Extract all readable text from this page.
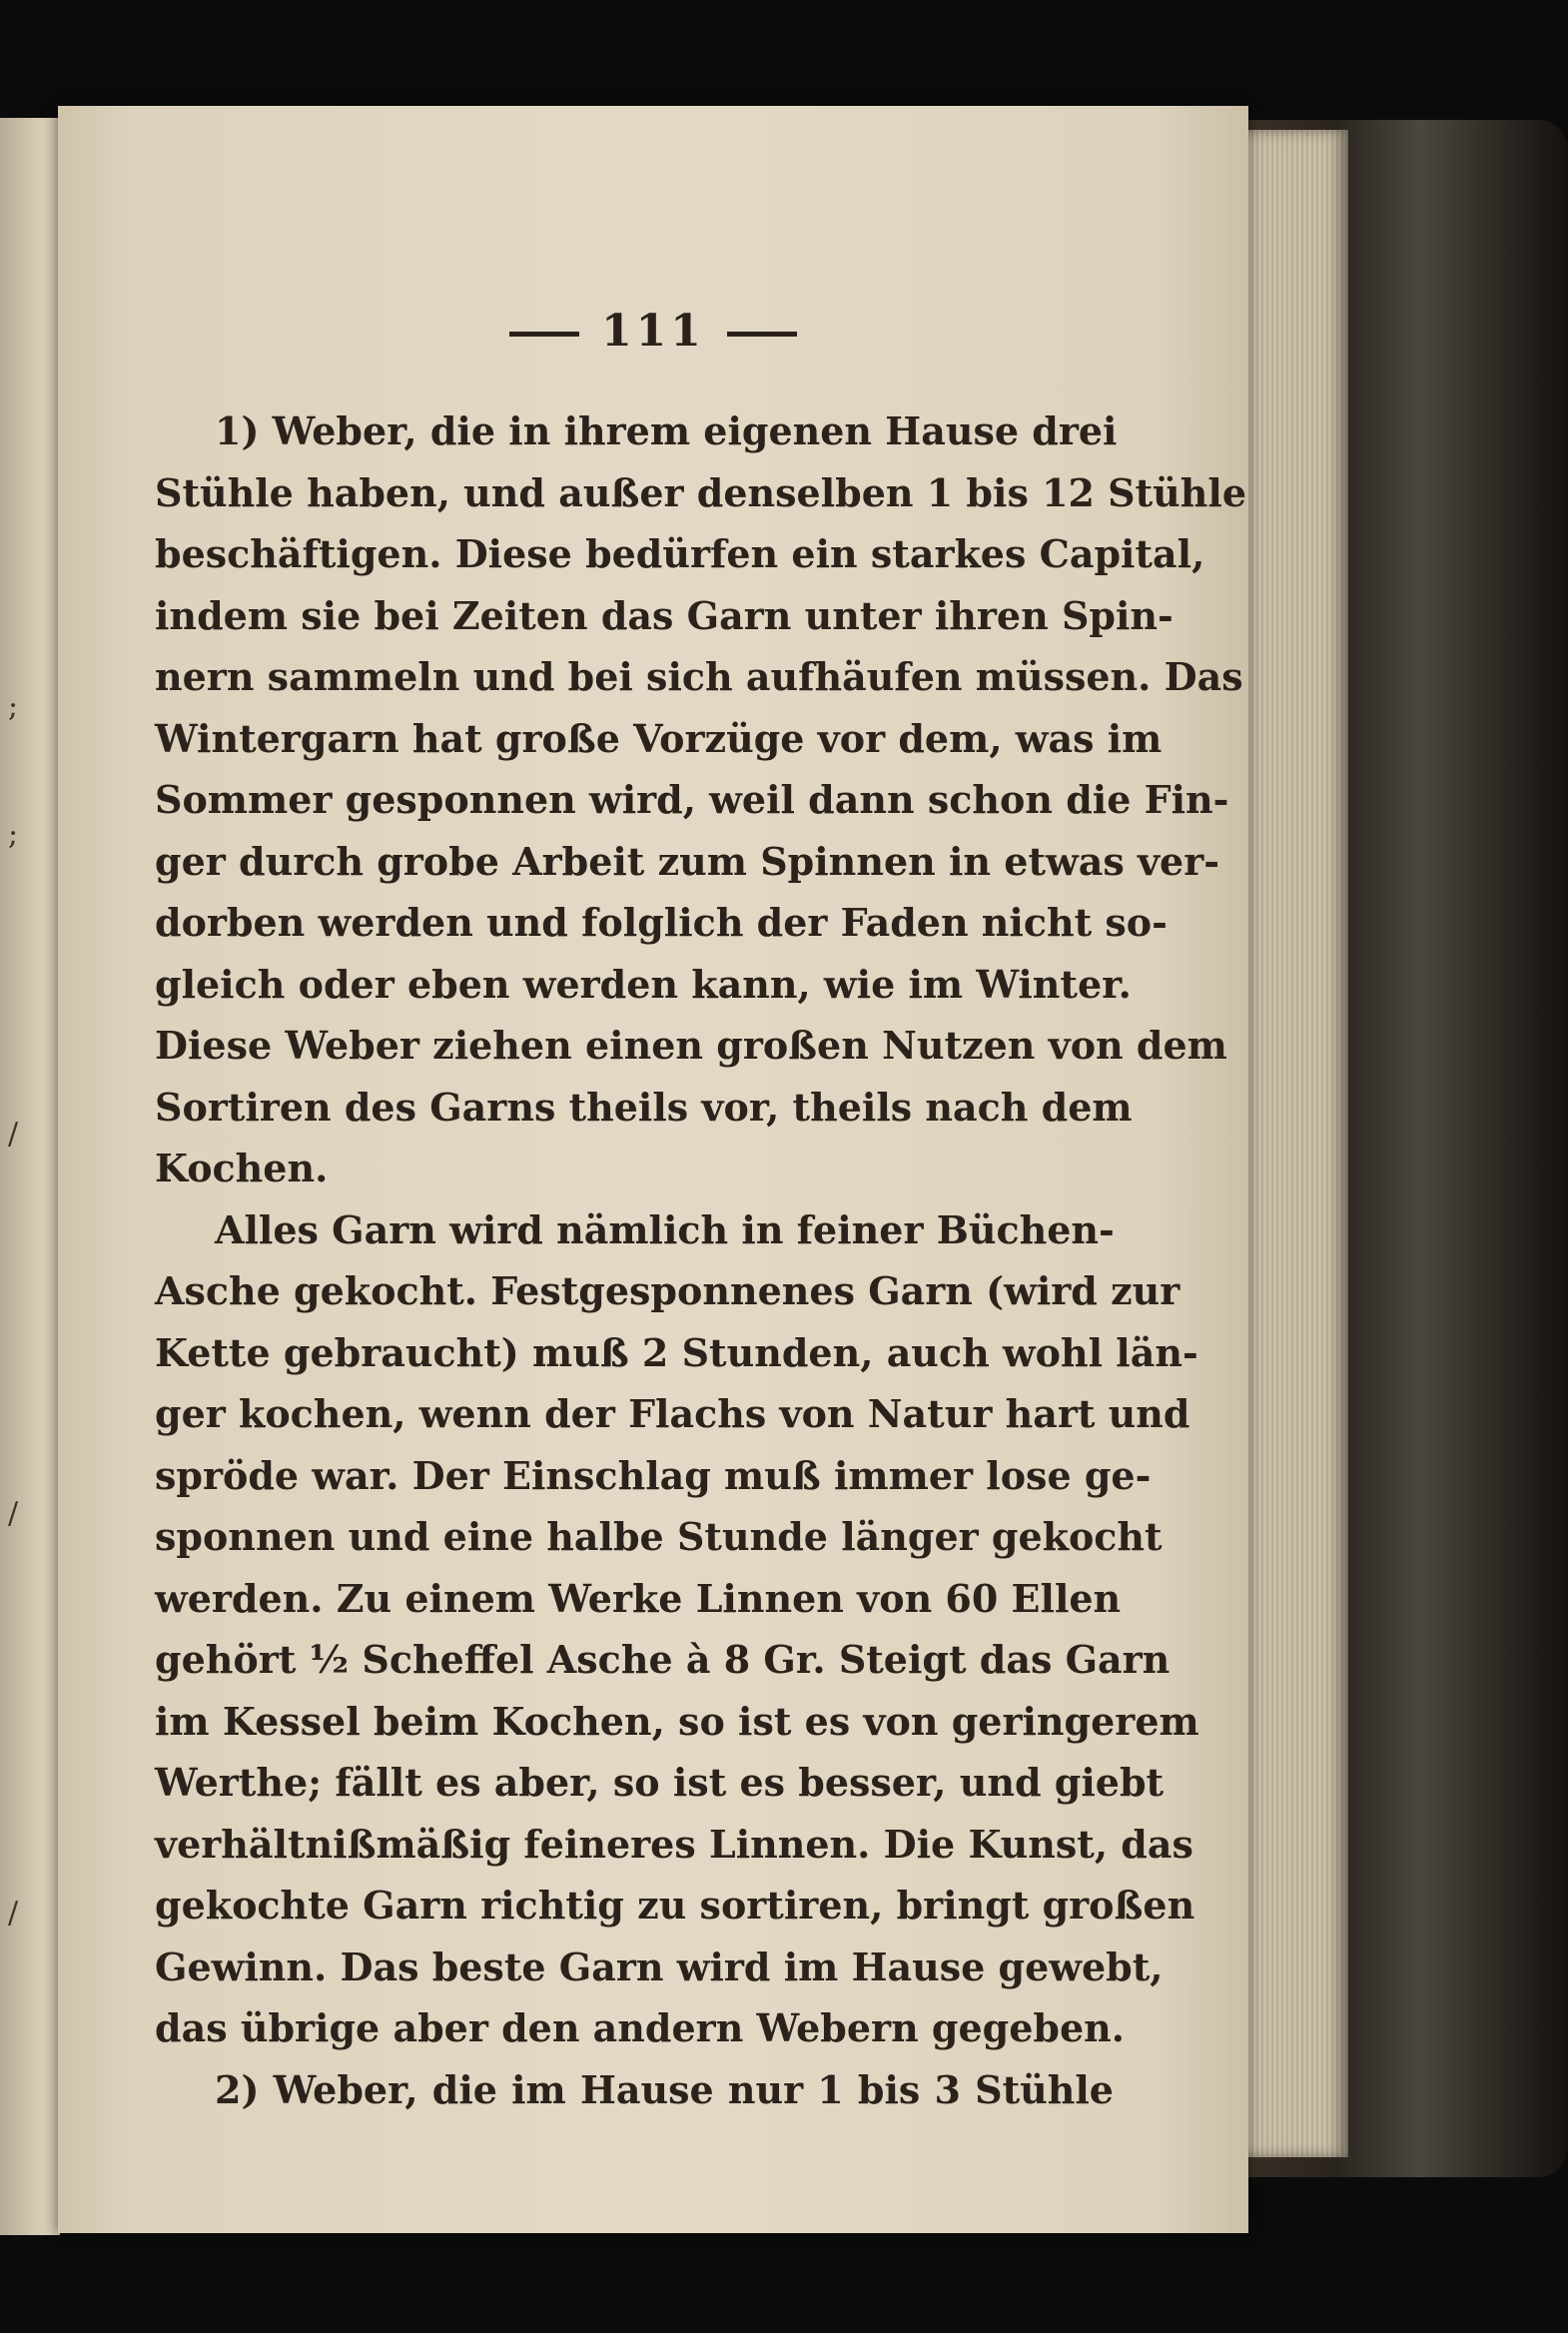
;
;
/
/
/
111
1) Weber, die in ihrem eigenen Hause drei
Stühle haben, und außer denselben 1 bis 12 Stühle
beschäftigen. Diese bedürfen ein starkes Capital,
indem sie bei Zeiten das Garn unter ihren Spin-
nern sammeln und bei sich aufhäufen müssen. Das
Wintergarn hat große Vorzüge vor dem, was im
Sommer gesponnen wird, weil dann schon die Fin-
ger durch grobe Arbeit zum Spinnen in etwas ver-
dorben werden und folglich der Faden nicht so-
gleich oder eben werden kann, wie im Winter.
Diese Weber ziehen einen großen Nutzen von dem
Sortiren des Garns theils vor, theils nach dem
Kochen.
Alles Garn wird nämlich in feiner Büchen-
Asche gekocht. Festgesponnenes Garn (wird zur
Kette gebraucht) muß 2 Stunden, auch wohl län-
ger kochen, wenn der Flachs von Natur hart und
spröde war. Der Einschlag muß immer lose ge-
sponnen und eine halbe Stunde länger gekocht
werden. Zu einem Werke Linnen von 60 Ellen
gehört ½ Scheffel Asche à 8 Gr. Steigt das Garn
im Kessel beim Kochen, so ist es von geringerem
Werthe; fällt es aber, so ist es besser, und giebt
verhältnißmäßig feineres Linnen. Die Kunst, das
gekochte Garn richtig zu sortiren, bringt großen
Gewinn. Das beste Garn wird im Hause gewebt,
das übrige aber den andern Webern gegeben.
2) Weber, die im Hause nur 1 bis 3 Stühle
